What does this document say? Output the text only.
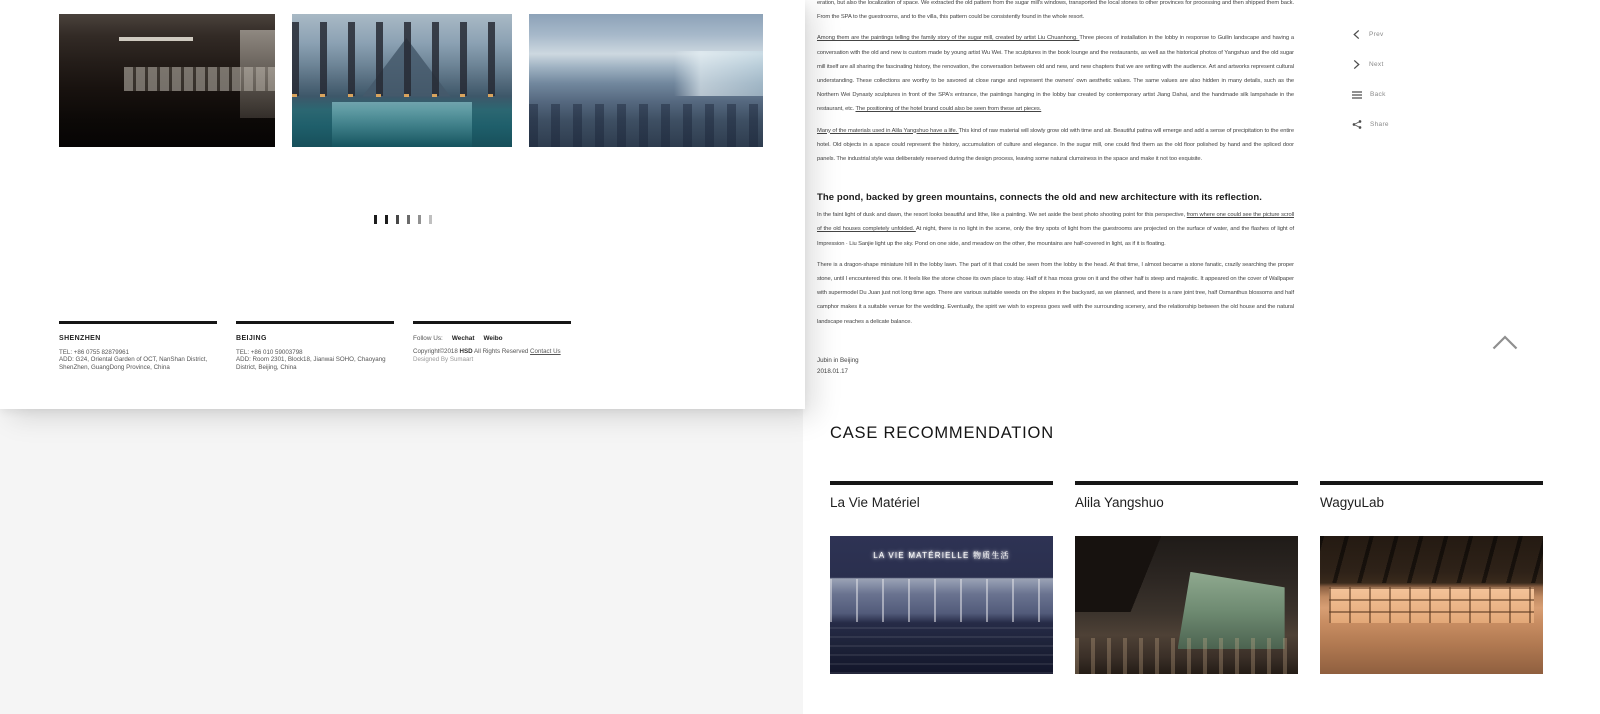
SHENZHEN
TEL: +86 0755 82879961
ADD: G24, Oriental Garden of OCT, NanShan District, ShenZhen, GuangDong Province, China
BEIJING
TEL: +86 010 59003798
ADD: Room 2301, Block18, Jianwai SOHO, Chaoyang District, Beijing, China
Follow Us: Wechat Weibo
Copyright©2018 HSD All Rights Reserved Contact Us
Designed By Sumaart

eration, but also the localization of space. We extracted the old pattern from the sugar mill's windows, transported the local stones to other provinces for processing and then shipped them back. From the SPA to the guestrooms, and to the villa, this pattern could be consistently found in the whole resort.

Among them are the paintings telling the family story of the sugar mill, created by artist Liu Chuanhong. Three pieces of installation in the lobby in response to Guilin landscape and having a conversation with the old and new is custom made by young artist Wu Wei. The sculptures in the book lounge and the restaurants, as well as the historical photos of Yangshuo and the old sugar mill itself are all sharing the fascinating history, the renovation, the conversation between old and new, and new chapters that we are writing with the audience. Art and artworks represent cultural understanding. These collections are worthy to be savored at close range and represent the owners' own aesthetic values. The same values are also hidden in many details, such as the Northern Wei Dynasty sculptures in front of the SPA's entrance, the paintings hanging in the lobby bar created by contemporary artist Jiang Dahai, and the handmade silk lampshade in the restaurant, etc. The positioning of the hotel brand could also be seen from these art pieces.

Many of the materials used in Alila Yangshuo have a life. This kind of raw material will slowly grow old with time and air. Beautiful patina will emerge and add a sense of precipitation to the entire hotel. Old objects in a space could represent the history, accumulation of culture and elegance. In the sugar mill, one could find them as the old floor polished by hand and the spliced door panels. The industrial style was deliberately reserved during the design process, leaving some natural clumsiness in the space and make it not too exquisite.

The pond, backed by green mountains, connects the old and new architecture with its reflection.

In the faint light of dusk and dawn, the resort looks beautiful and lithe, like a painting. We set aside the best photo shooting point for this perspective, from where one could see the picture scroll of the old houses completely unfolded. At night, there is no light in the scene, only the tiny spots of light from the guestrooms are projected on the surface of water, and the flashes of light of Impression · Liu Sanjie light up the sky. Pond on one side, and meadow on the other, the mountains are half-covered in light, as if it is floating.

There is a dragon-shape miniature hill in the lobby lawn. The part of it that could be seen from the lobby is the head. At that time, I almost became a stone fanatic, crazily searching the proper stone, until I encountered this one. It feels like the stone chose its own place to stay. Half of it has moss grow on it and the other half is steep and majestic. It appeared on the cover of Wallpaper with supermodel Du Juan just not long time ago. There are various suitable weeds on the slopes in the backyard, as we planned, and there is a rare joint tree, half Osmanthus blossoms and half camphor makes it a suitable venue for the wedding. Eventually, the spirit we wish to express goes well with the surrounding scenery, and the relationship between the old house and the natural landscape reaches a delicate balance.

Jubin in Beijing
2018.01.17
Prev
Next
Back
Share
CASE RECOMMENDATION
La Vie Matériel
LA VIE MATÉRIELLE 物质生活
Alila Yangshuo	WagyuLab
